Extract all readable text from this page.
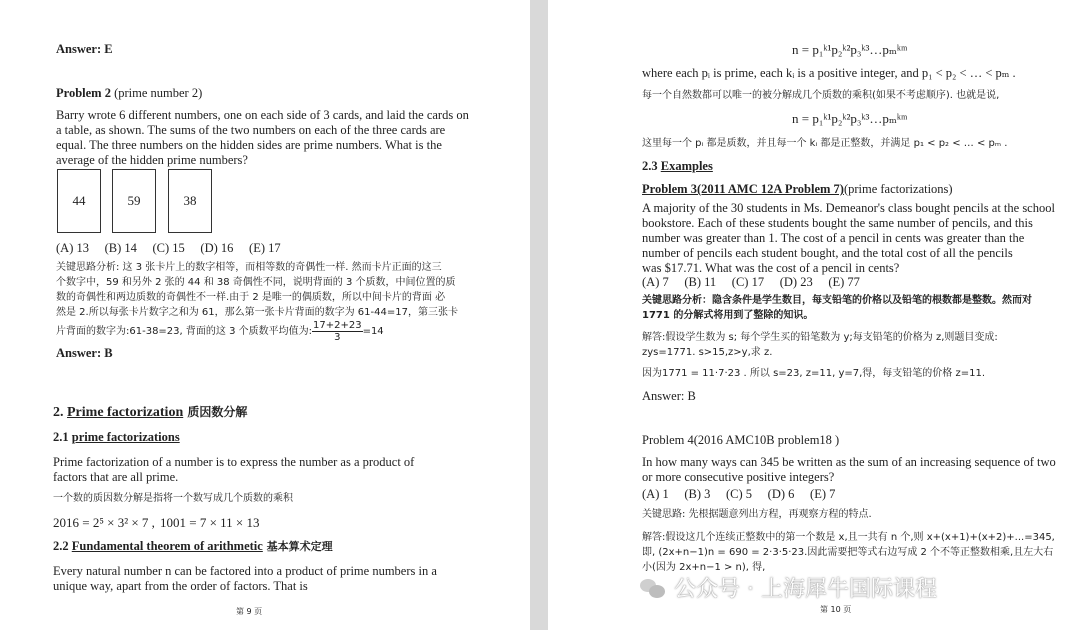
Answer: E
Problem 2 (prime number 2)
Barry wrote 6 different numbers, one on each side of 3 cards, and laid the cards on
a table, as shown. The sums of the two numbers on each of the three cards are
equal. The three numbers on the hidden sides are prime numbers. What is the
average of the hidden prime numbers?
44	59	38
(A) 13     (B) 14     (C) 15     (D) 16     (E) 17
关键思路分析: 这 3 张卡片上的数字相等，而相等数的奇偶性一样. 然而卡片正面的这三
个数字中，59 和另外 2 张的 44 和 38 奇偶性不同，说明背面的 3 个质数，中间位置的质
数的奇偶性和两边质数的奇偶性不一样.由于 2 是唯一的偶质数，所以中间卡片的背面 必
然是 2.所以每张卡片数字之和为 61，那么第一张卡片背面的数字为 61-44=17，第三张卡
片背面的数字为:61-38=23, 背面的这 3 个质数平均值为: $\frac{17+2+23}{3} =14$
Answer: B
2. Prime factorization 质因数分解
2.1 prime factorizations
Prime factorization of a number is to express the number as a product of
factors that are all prime.
一个数的质因数分解是指将一个数写成几个质数的乘积
2016 = 2⁵ × 3² × 7 , 1001 = 7 × 11 × 13
2.2 Fundamental theorem of arithmetic 基本算术定理
Every natural number n can be factored into a product of prime numbers in a
unique way, apart from the order of factors. That is
第 9 页
n = p₁ᵏ¹p₂ᵏ²p₃ᵏ³…pₘᵏᵐ
where each pᵢ is prime, each kᵢ is a positive integer, and p₁ < p₂ < … < pₘ .
每一个自然数都可以唯一的被分解成几个质数的乘积(如果不考虑顺序). 也就是说,
n = p₁ᵏ¹p₂ᵏ²p₃ᵏ³…pₘᵏᵐ
这里每一个 pᵢ 都是质数，并且每一个 kᵢ 都是正整数，并满足 p₁ < p₂ < … < pₘ .
2.3 Examples
Problem 3(2011 AMC 12A Problem 7)(prime factorizations)
A majority of the 30 students in Ms. Demeanor's class bought pencils at the school
bookstore. Each of these students bought the same number of pencils, and this
number was greater than 1. The cost of a pencil in cents was greater than the
number of pencils each student bought, and the total cost of all the pencils
was $17.71. What was the cost of a pencil in cents?
(A) 7     (B) 11     (C) 17     (D) 23     (E) 77
关键思路分析：隐含条件是学生数目，每支铅笔的价格以及铅笔的根数都是整数。然而对
1771 的分解式将用到了整除的知识。
解答:假设学生数为 s; 每个学生买的铅笔数为 y;每支铅笔的价格为 z,则题目变成:
zys=1771. s>15,z>y,求 z.
因为1771 = 11·7·23 . 所以 s=23, z=11, y=7,得，每支铅笔的价格 z=11.
Answer: B
Problem 4(2016 AMC10B problem18 )
In how many ways can 345 be written as the sum of an increasing sequence of two
or more consecutive positive integers?
(A) 1     (B) 3     (C) 5     (D) 6     (E) 7
关键思路: 先根据题意列出方程，再观察方程的特点.
解答:假设这几个连续正整数中的第一个数是 x,且一共有 n 个,则 x+(x+1)+(x+2)+...=345,
即, (2x+n−1)n = 690 = 2·3·5·23.因此需要把等式右边写成 2 个不等正整数相乘,且左大右
小(因为 2x+n−1 > n), 得,
第 10 页
公众号 · 上海犀牛国际课程
